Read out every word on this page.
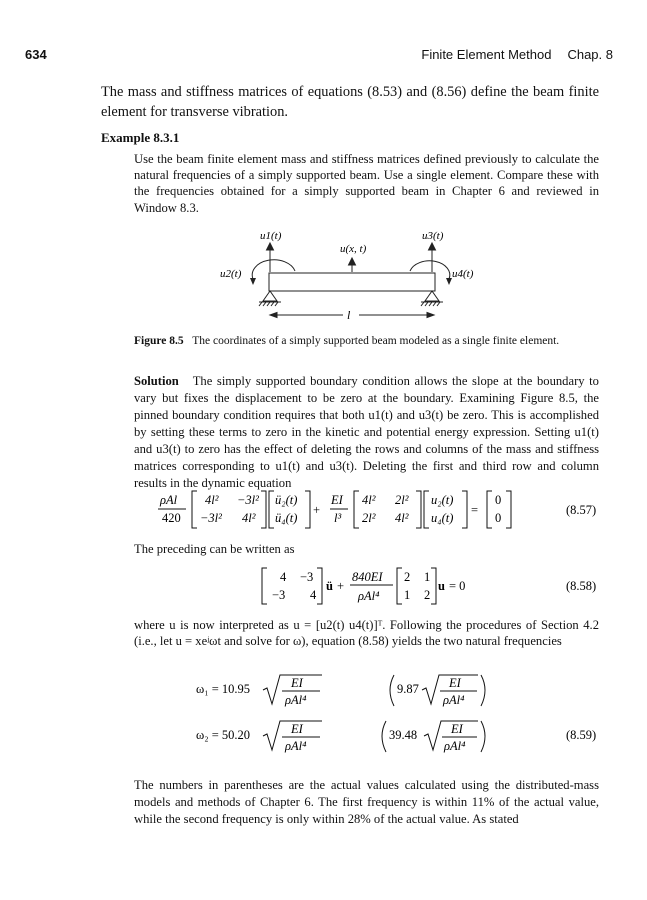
634	Finite Element Method Chap. 8

The mass and stiffness matrices of equations (8.53) and (8.56) define the beam finite element for transverse vibration.

Example 8.3.1

Use the beam finite element mass and stiffness matrices defined previously to calculate the natural frequencies of a simply supported beam. Use a single element. Compare these with the frequencies obtained for a simply supported beam in Chapter 6 and reviewed in Window 8.3.

u1(t)	u3(t)
u(x, t)
u2(t)	u4(t)
l

Figure 8.5 The coordinates of a simply supported beam modeled as a single finite element.

Solution The simply supported boundary condition allows the slope at the boundary to vary but fixes the displacement to be zero at the boundary. Examining Figure 8.5, the pinned boundary condition requires that both u1(t) and u3(t) be zero. This is accomplished by setting these terms to zero in the kinetic and potential energy expression. Setting u1(t) and u3(t) to zero has the effect of deleting the rows and columns of the mass and stiffness matrices corresponding to u1(t) and u3(t). Deleting the first and third row and column results in the dynamic equation

ρAl
420
4l² −3l²
−3l² 4l²
ü₂(t)
ü₄(t)
+
EI
l³
4l² 2l²
2l² 4l²
u₂(t)
u₄(t)
=
0
0
(8.57)

The preceding can be written as

4 −3
−3 4
ü +
840EI
ρAl⁴
2 1
1 2
u = 0	(8.58)

where u is now interpreted as u = [u2(t) u4(t)]ᵀ. Following the procedures of Section 4.2 (i.e., let u = xeʲωt and solve for ω), equation (8.58) yields the two natural frequencies

ω₁ = 10.95	EI
ρAl⁴
9.87 EI
ρAl⁴
ω₂ = 50.20	EI
ρAl⁴
39.48	EI
ρAl⁴
(8.59)

The numbers in parentheses are the actual values calculated using the distributed-mass models and methods of Chapter 6. The first frequency is within 11% of the actual value, while the second frequency is only within 28% of the actual value. As stated
